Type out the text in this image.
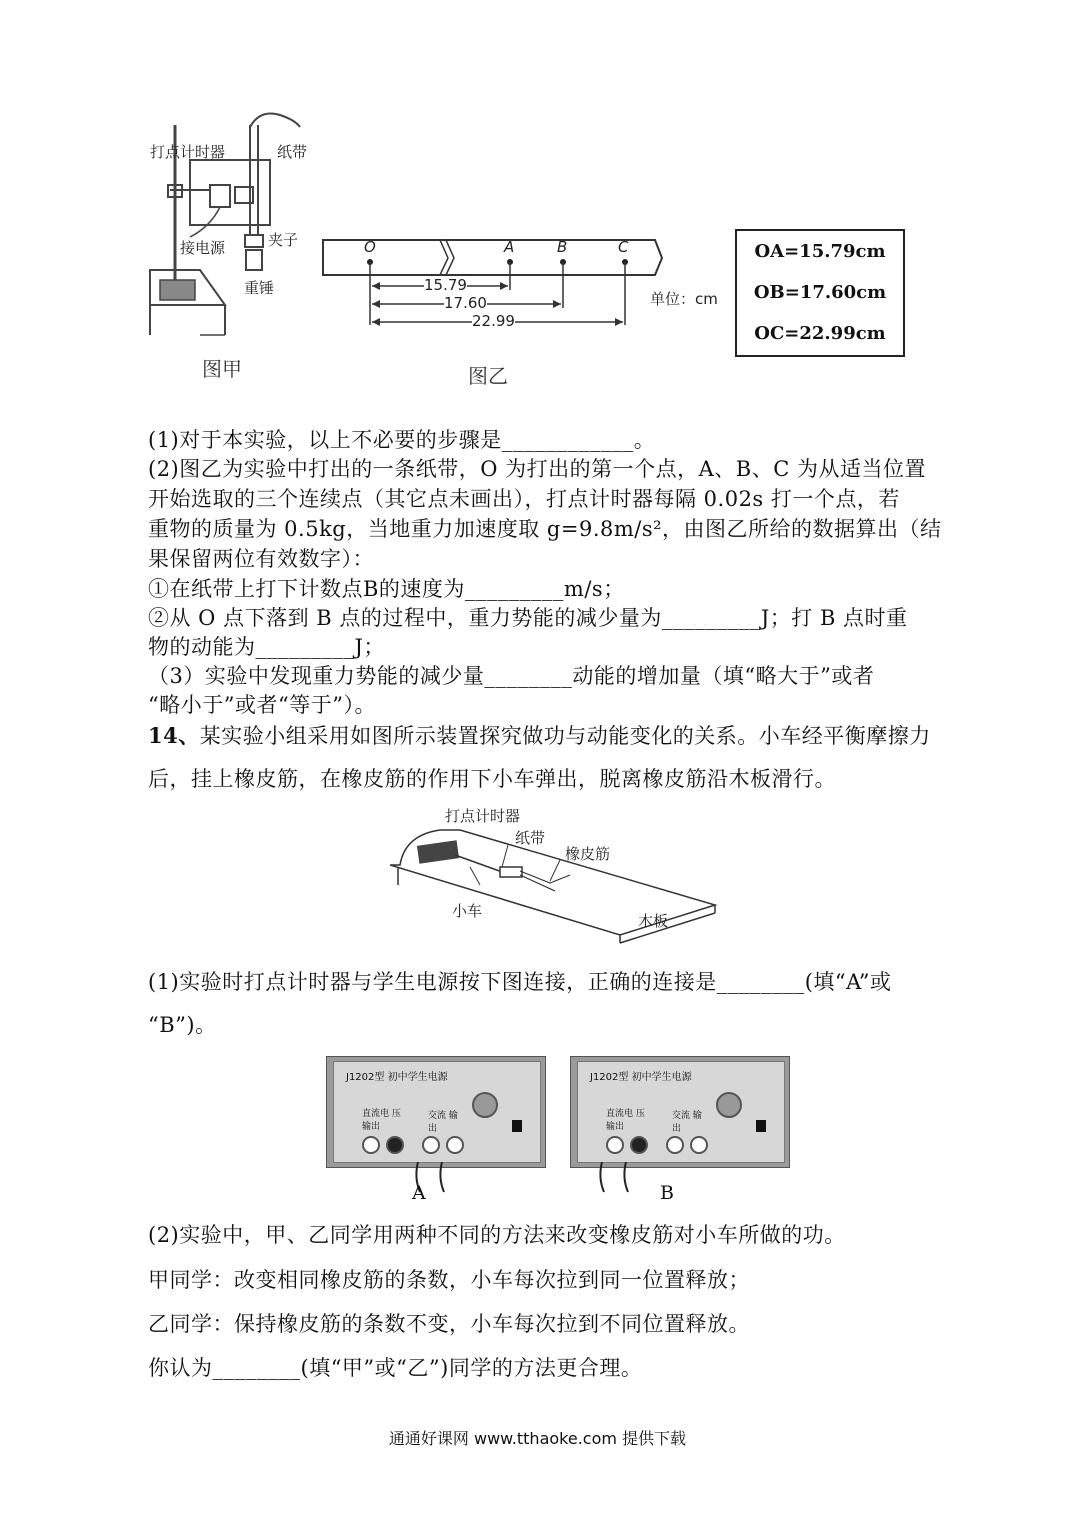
打点计时器	纸带
接电源	夹子
重锤
图甲
O	A	B	C
15.79
17.60
22.99
单位：cm
图乙
OA=15.79cm
OB=17.60cm
OC=22.99cm
(1)对于本实验，以上不必要的步骤是____________。
(2)图乙为实验中打出的一条纸带，O 为打出的第一个点，A、B、C 为从适当位置
开始选取的三个连续点（其它点未画出），打点计时器每隔 0.02s 打一个点，若
重物的质量为 0.5kg，当地重力加速度取 g=9.8m/s²，由图乙所给的数据算出（结
果保留两位有效数字）：
①在纸带上打下计数点B的速度为_________m/s；
②从 O 点下落到 B 点的过程中，重力势能的减少量为_________J；打 B 点时重
物的动能为_________J；
（3）实验中发现重力势能的减少量________动能的增加量（填“略大于”或者
“略小于”或者“等于”）。
14、某实验小组采用如图所示装置探究做功与动能变化的关系。小车经平衡摩擦力
后，挂上橡皮筋，在橡皮筋的作用下小车弹出，脱离橡皮筋沿木板滑行。
打点计时器
纸带
橡皮筋
小车
木板
(1)实验时打点计时器与学生电源按下图连接，正确的连接是________(填“A”或
“B”)。
J1202型 初中学生电源
直流电 压输出
交流 输出
A
J1202型 初中学生电源
直流电 压输出
交流 输出
B
(2)实验中，甲、乙同学用两种不同的方法来改变橡皮筋对小车所做的功。
甲同学：改变相同橡皮筋的条数，小车每次拉到同一位置释放；
乙同学：保持橡皮筋的条数不变，小车每次拉到不同位置释放。
你认为________(填“甲”或“乙”)同学的方法更合理。
通通好课网 www.tthaoke.com 提供下载
